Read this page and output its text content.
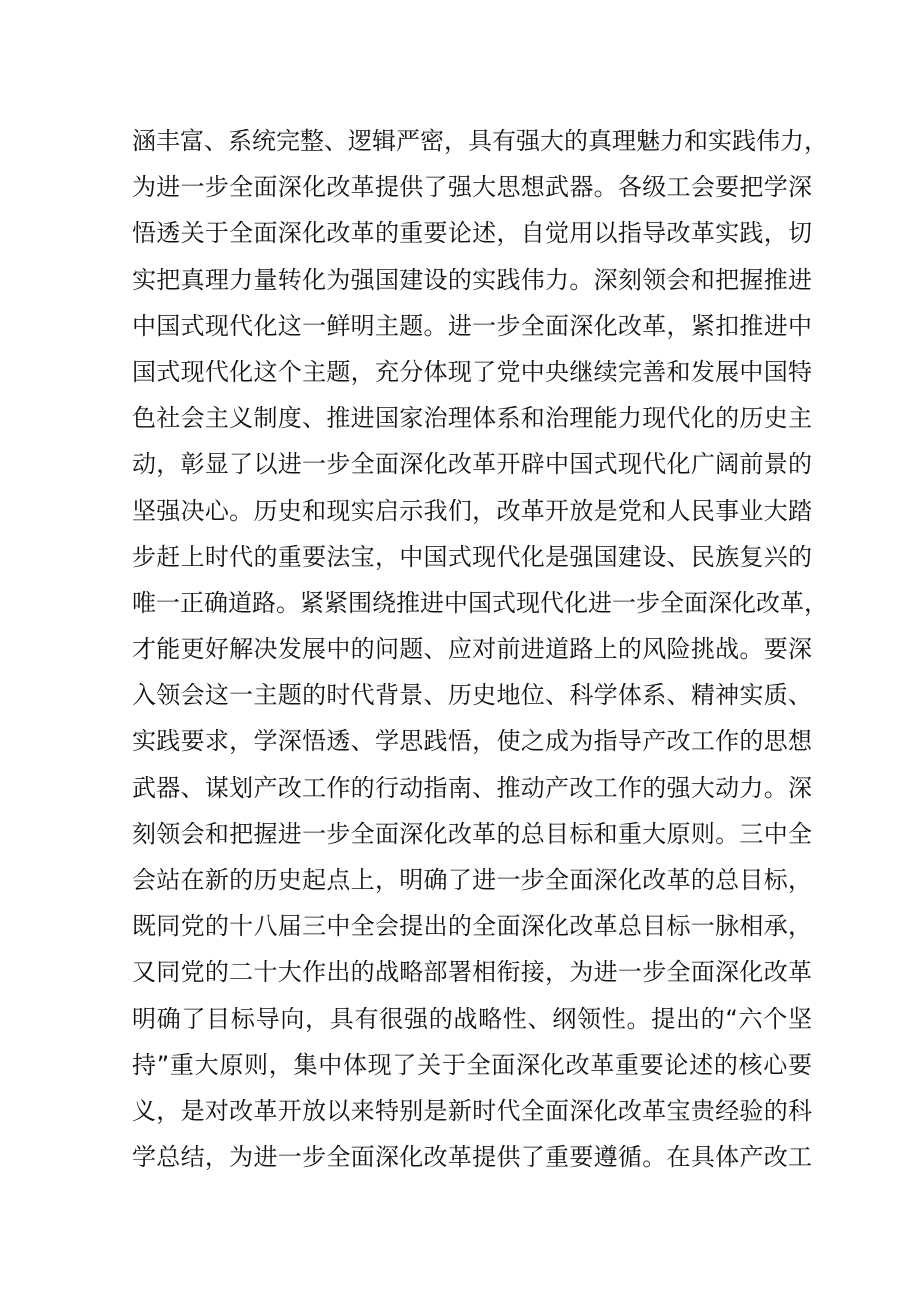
涵丰富、系统完整、逻辑严密，具有强大的真理魅力和实践伟力，
为进一步全面深化改革提供了强大思想武器。各级工会要把学深
悟透关于全面深化改革的重要论述，自觉用以指导改革实践，切
实把真理力量转化为强国建设的实践伟力。深刻领会和把握推进
中国式现代化这一鲜明主题。进一步全面深化改革，紧扣推进中
国式现代化这个主题，充分体现了党中央继续完善和发展中国特
色社会主义制度、推进国家治理体系和治理能力现代化的历史主
动，彰显了以进一步全面深化改革开辟中国式现代化广阔前景的
坚强决心。历史和现实启示我们，改革开放是党和人民事业大踏
步赶上时代的重要法宝，中国式现代化是强国建设、民族复兴的
唯一正确道路。紧紧围绕推进中国式现代化进一步全面深化改革，
才能更好解决发展中的问题、应对前进道路上的风险挑战。要深
入领会这一主题的时代背景、历史地位、科学体系、精神实质、
实践要求，学深悟透、学思践悟，使之成为指导产改工作的思想
武器、谋划产改工作的行动指南、推动产改工作的强大动力。深
刻领会和把握进一步全面深化改革的总目标和重大原则。三中全
会站在新的历史起点上，明确了进一步全面深化改革的总目标，
既同党的十八届三中全会提出的全面深化改革总目标一脉相承，
又同党的二十大作出的战略部署相衔接，为进一步全面深化改革
明确了目标导向，具有很强的战略性、纲领性。提出的“六个坚
持”重大原则，集中体现了关于全面深化改革重要论述的核心要
义，是对改革开放以来特别是新时代全面深化改革宝贵经验的科
学总结，为进一步全面深化改革提供了重要遵循。在具体产改工
